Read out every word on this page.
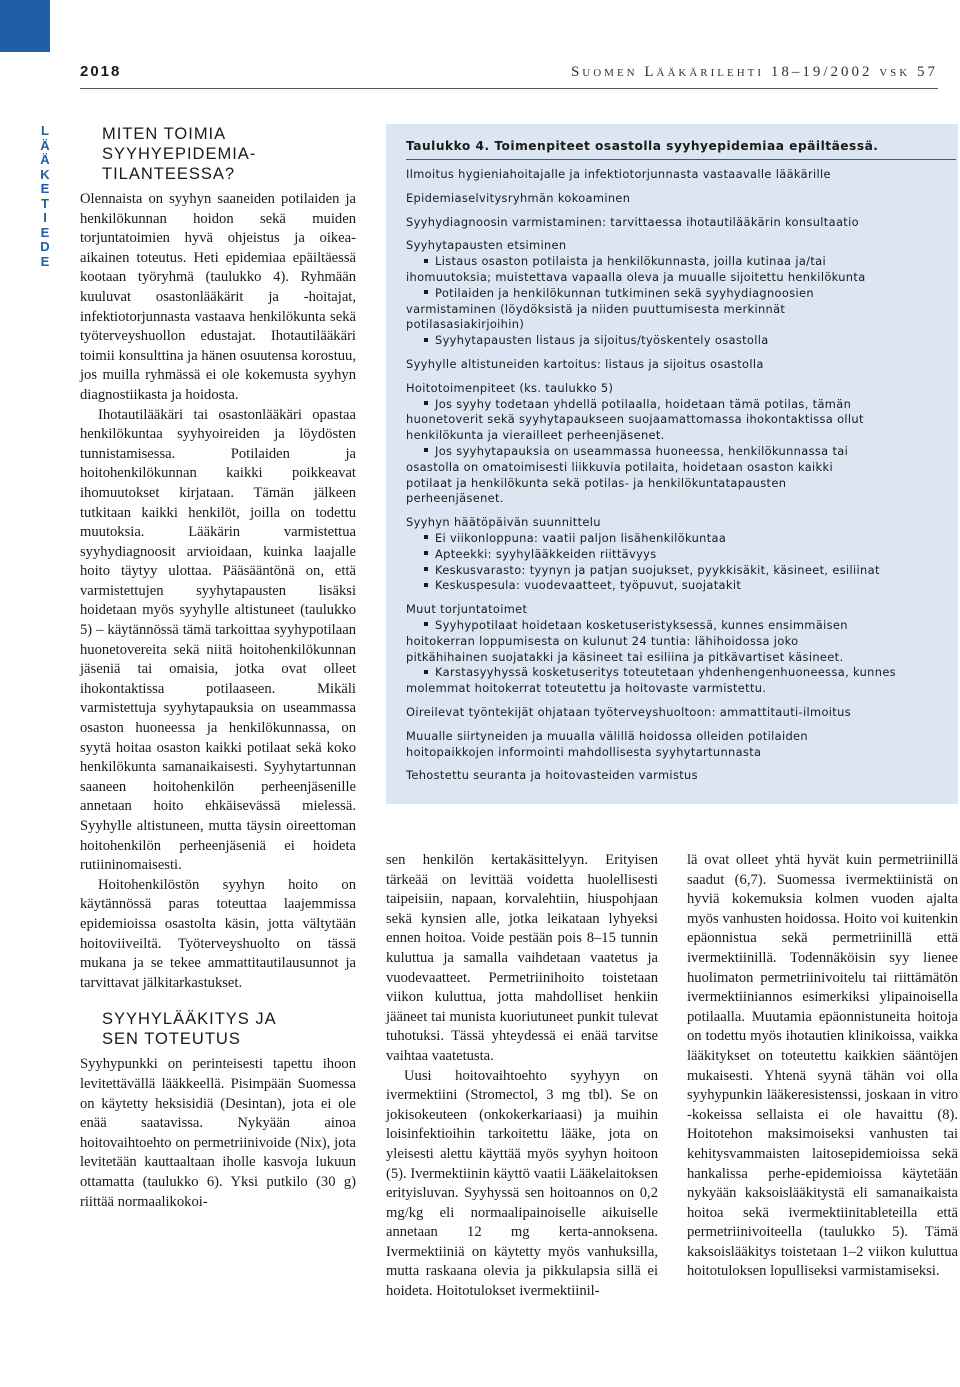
2018	Suomen Lääkärilehti 18–19/2002 vsk 57
L
Ä
Ä
K
E
T
I
E
D
E
MITEN TOIMIA
SYYHYEPIDEMIA-
TILANTEESSA?

Olennaista on syyhyn saaneiden potilaiden ja henkilökunnan hoidon sekä muiden torjuntatoimien hyvä ohjeistus ja oikea-aikainen toteutus. Heti epidemiaa epäiltäessä kootaan työryhmä (taulukko 4). Ryhmään kuuluvat osastonlääkärit ja -hoitajat, infektiotorjunnasta vastaava henkilökunta sekä työterveyshuollon edustajat. Ihotautilääkäri toimii konsulttina ja hänen osuutensa korostuu, jos muilla ryhmässä ei ole kokemusta syyhyn diagnostiikasta ja hoidosta.

Ihotautilääkäri tai osastonlääkäri opastaa henkilökuntaa syyhyoireiden ja löydösten tunnistamisessa. Potilaiden ja hoitohenkilökunnan kaikki poikkeavat ihomuutokset kirjataan. Tämän jälkeen tutkitaan kaikki henkilöt, joilla on todettu muutoksia. Lääkärin varmistettua syyhydiagnoosit arvioidaan, kuinka laajalle hoito täytyy ulottaa. Pääsääntönä on, että varmistettujen syyhytapausten lisäksi hoidetaan myös syyhylle altistuneet (taulukko 5) – käytännössä tämä tarkoittaa syyhypotilaan huonetovereita sekä niitä hoitohenkilökunnan jäseniä tai omaisia, jotka ovat olleet ihokontaktissa potilaaseen. Mikäli varmistettuja syyhytapauksia on useammassa osaston huoneessa ja henkilökunnassa, on syytä hoitaa osaston kaikki potilaat sekä koko henkilökunta samanaikaisesti. Syyhytartunnan saaneen hoitohenkilön perheenjäsenille annetaan hoito ehkäisevässä mielessä. Syyhylle altistuneen, mutta täysin oireettoman hoitohenkilön perheenjäseniä ei hoideta rutiininomaisesti.

Hoitohenkilöstön syyhyn hoito on käytännössä paras toteuttaa laajemmissa epidemioissa osastolta käsin, jotta vältytään hoitoviiveiltä. Työterveyshuolto on tässä mukana ja se tekee ammattitautilausunnot ja tarvittavat jälkitarkastukset.

SYYHYLÄÄKITYS JA
SEN TOTEUTUS

Syyhypunkki on perinteisesti tapettu ihoon levitettävällä lääkkeellä. Pisimpään Suomessa on käytetty heksisidiä (Desintan), jota ei ole enää saatavissa. Nykyään ainoa hoitovaihtoehto on permetriinivoide (Nix), jota levitetään kauttaaltaan iholle kasvoja lukuun ottamatta (taulukko 6). Yksi putkilo (30 g) riittää normaalikokoi-

Taulukko 4. Toimenpiteet osastolla syyhyepidemiaa epäiltäessä.
Ilmoitus hygieniahoitajalle ja infektiotorjunnasta vastaavalle lääkärille
Epidemiaselvitysryhmän kokoaminen
Syyhydiagnoosin varmistaminen: tarvittaessa ihotautilääkärin konsultaatio
Syyhytapausten etsiminen
Listaus osaston potilaista ja henkilökunnasta, joilla kutinaa ja/tai
ihomuutoksia; muistettava vapaalla oleva ja muualle sijoitettu henkilökunta
Potilaiden ja henkilökunnan tutkiminen sekä syyhydiagnoosien
varmistaminen (löydöksistä ja niiden puuttumisesta merkinnät
potilasasiakirjoihin)
Syyhytapausten listaus ja sijoitus/työskentely osastolla
Syyhylle altistuneiden kartoitus: listaus ja sijoitus osastolla
Hoitotoimenpiteet (ks. taulukko 5)
Jos syyhy todetaan yhdellä potilaalla, hoidetaan tämä potilas, tämän
huonetoverit sekä syyhytapaukseen suojaamattomassa ihokontaktissa ollut
henkilökunta ja vierailleet perheenjäsenet.
Jos syyhytapauksia on useammassa huoneessa, henkilökunnassa tai
osastolla on omatoimisesti liikkuvia potilaita, hoidetaan osaston kaikki
potilaat ja henkilökunta sekä potilas- ja henkilökuntatapausten
perheenjäsenet.
Syyhyn häätöpäivän suunnittelu
Ei viikonloppuna: vaatii paljon lisähenkilökuntaa
Apteekki: syyhylääkkeiden riittävyys
Keskusvarasto: tyynyn ja patjan suojukset, pyykkisäkit, käsineet, esiliinat
Keskuspesula: vuodevaatteet, työpuvut, suojatakit
Muut torjuntatoimet
Syyhypotilaat hoidetaan kosketuseristyksessä, kunnes ensimmäisen
hoitokerran loppumisesta on kulunut 24 tuntia: lähihoidossa joko
pitkähihainen suojatakki ja käsineet tai esiliina ja pitkävartiset käsineet.
Karstasyyhyssä kosketuseritys toteutetaan yhdenhengenhuoneessa, kunnes
molemmat hoitokerrat toteutettu ja hoitovaste varmistettu.
Oireilevat työntekijät ohjataan työterveyshuoltoon: ammattitauti-ilmoitus
Muualle siirtyneiden ja muualla välillä hoidossa olleiden potilaiden
hoitopaikkojen informointi mahdollisesta syyhytartunnasta
Tehostettu seuranta ja hoitovasteiden varmistus

sen henkilön kertakäsittelyyn. Erityisen tärkeää on levittää voidetta huolellisesti taipeisiin, napaan, korvalehtiin, hiuspohjaan sekä kynsien alle, jotka leikataan lyhyeksi ennen hoitoa. Voide pestään pois 8–15 tunnin kuluttua ja samalla vaihdetaan vaatetus ja vuodevaatteet. Permetriinihoito toistetaan viikon kuluttua, jotta mahdolliset henkiin jääneet tai munista kuoriutuneet punkit tulevat tuhotuksi. Tässä yhteydessä ei enää tarvitse vaihtaa vaatetusta.

Uusi hoitovaihtoehto syyhyyn on ivermektiini (Stromectol, 3 mg tbl). Se on jokisokeuteen (onkokerkariaasi) ja muihin loisinfektioihin tarkoitettu lääke, jota on yleisesti alettu käyttää myös syyhyn hoitoon (5). Ivermektiinin käyttö vaatii Lääkelaitoksen erityisluvan. Syyhyssä sen hoitoannos on 0,2 mg/kg eli normaalipainoiselle aikuiselle annetaan 12 mg kerta-annoksena. Ivermektiiniä on käytetty myös vanhuksilla, mutta raskaana olevia ja pikkulapsia sillä ei hoideta. Hoitotulokset ivermektiinil-

lä ovat olleet yhtä hyvät kuin permetriinillä saadut (6,7). Suomessa ivermektiinistä on hyviä kokemuksia kolmen vuoden ajalta myös vanhusten hoidossa. Hoito voi kuitenkin epäonnistua sekä permetriinillä että ivermektiinillä. Todennäköisin syy lienee huolimaton permetriinivoitelu tai riittämätön ivermektiiniannos esimerkiksi ylipainoisella potilaalla. Muutamia epäonnistuneita hoitoja on todettu myös ihotautien klinikoissa, vaikka lääkitykset on toteutettu kaikkien sääntöjen mukaisesti. Yhtenä syynä tähän voi olla syyhypunkin lääkeresistenssi, joskaan in vitro -kokeissa sellaista ei ole havaittu (8). Hoitotehon maksimoiseksi vanhusten tai kehitysvammaisten laitosepidemioissa sekä hankalissa perhe-epidemioissa käytetään nykyään kaksoislääkitystä eli samanaikaista hoitoa sekä ivermektiinitableteilla että permetriinivoiteella (taulukko 5). Tämä kaksoislääkitys toistetaan 1–2 viikon kuluttua hoitotuloksen lopulliseksi varmistamiseksi.
